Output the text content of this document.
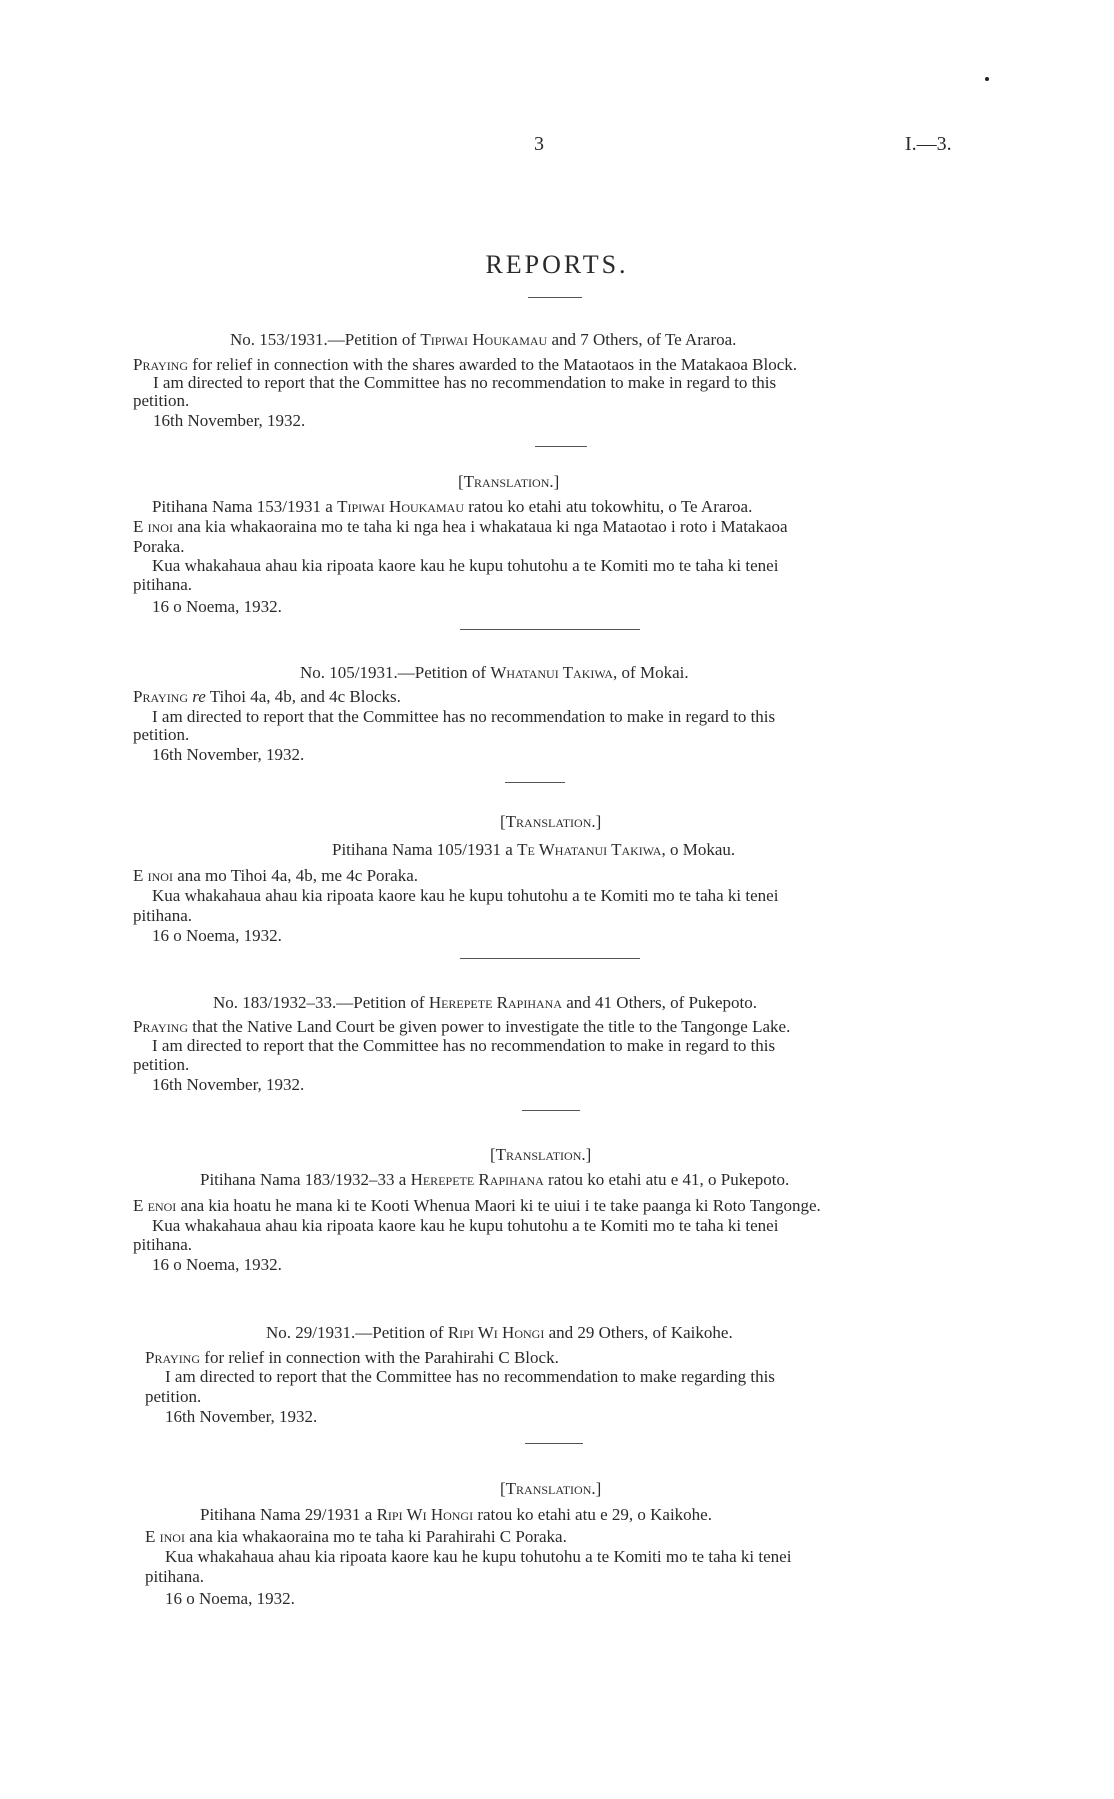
3	I.—3.
REPORTS.
No. 153/1931.—Petition of Tipiwai Houkamau and 7 Others, of Te Araroa.
Praying for relief in connection with the shares awarded to the Mataotaos in the Matakaoa Block.
I am directed to report that the Committee has no recommendation to make in regard to this
petition.
16th November, 1932.
[Translation.]
Pitihana Nama 153/1931 a Tipiwai Houkamau ratou ko etahi atu tokowhitu, o Te Araroa.
E inoi ana kia whakaoraina mo te taha ki nga hea i whakataua ki nga Mataotao i roto i Matakaoa
Poraka.
Kua whakahaua ahau kia ripoata kaore kau he kupu tohutohu a te Komiti mo te taha ki tenei
pitihana.
16 o Noema, 1932.
No. 105/1931.—Petition of Whatanui Takiwa, of Mokai.
Praying re Tihoi 4a, 4b, and 4c Blocks.
I am directed to report that the Committee has no recommendation to make in regard to this
petition.
16th November, 1932.
[Translation.]
Pitihana Nama 105/1931 a Te Whatanui Takiwa, o Mokau.
E inoi ana mo Tihoi 4a, 4b, me 4c Poraka.
Kua whakahaua ahau kia ripoata kaore kau he kupu tohutohu a te Komiti mo te taha ki tenei
pitihana.
16 o Noema, 1932.
No. 183/1932–33.—Petition of Herepete Rapihana and 41 Others, of Pukepoto.
Praying that the Native Land Court be given power to investigate the title to the Tangonge Lake.
I am directed to report that the Committee has no recommendation to make in regard to this
petition.
16th November, 1932.
[Translation.]
Pitihana Nama 183/1932–33 a Herepete Rapihana ratou ko etahi atu e 41, o Pukepoto.
E enoi ana kia hoatu he mana ki te Kooti Whenua Maori ki te uiui i te take paanga ki Roto Tangonge.
Kua whakahaua ahau kia ripoata kaore kau he kupu tohutohu a te Komiti mo te taha ki tenei
pitihana.
16 o Noema, 1932.
No. 29/1931.—Petition of Ripi Wi Hongi and 29 Others, of Kaikohe.
Praying for relief in connection with the Parahirahi C Block.
I am directed to report that the Committee has no recommendation to make regarding this
petition.
16th November, 1932.
[Translation.]
Pitihana Nama 29/1931 a Ripi Wi Hongi ratou ko etahi atu e 29, o Kaikohe.
E inoi ana kia whakaoraina mo te taha ki Parahirahi C Poraka.
Kua whakahaua ahau kia ripoata kaore kau he kupu tohutohu a te Komiti mo te taha ki tenei
pitihana.
16 o Noema, 1932.
